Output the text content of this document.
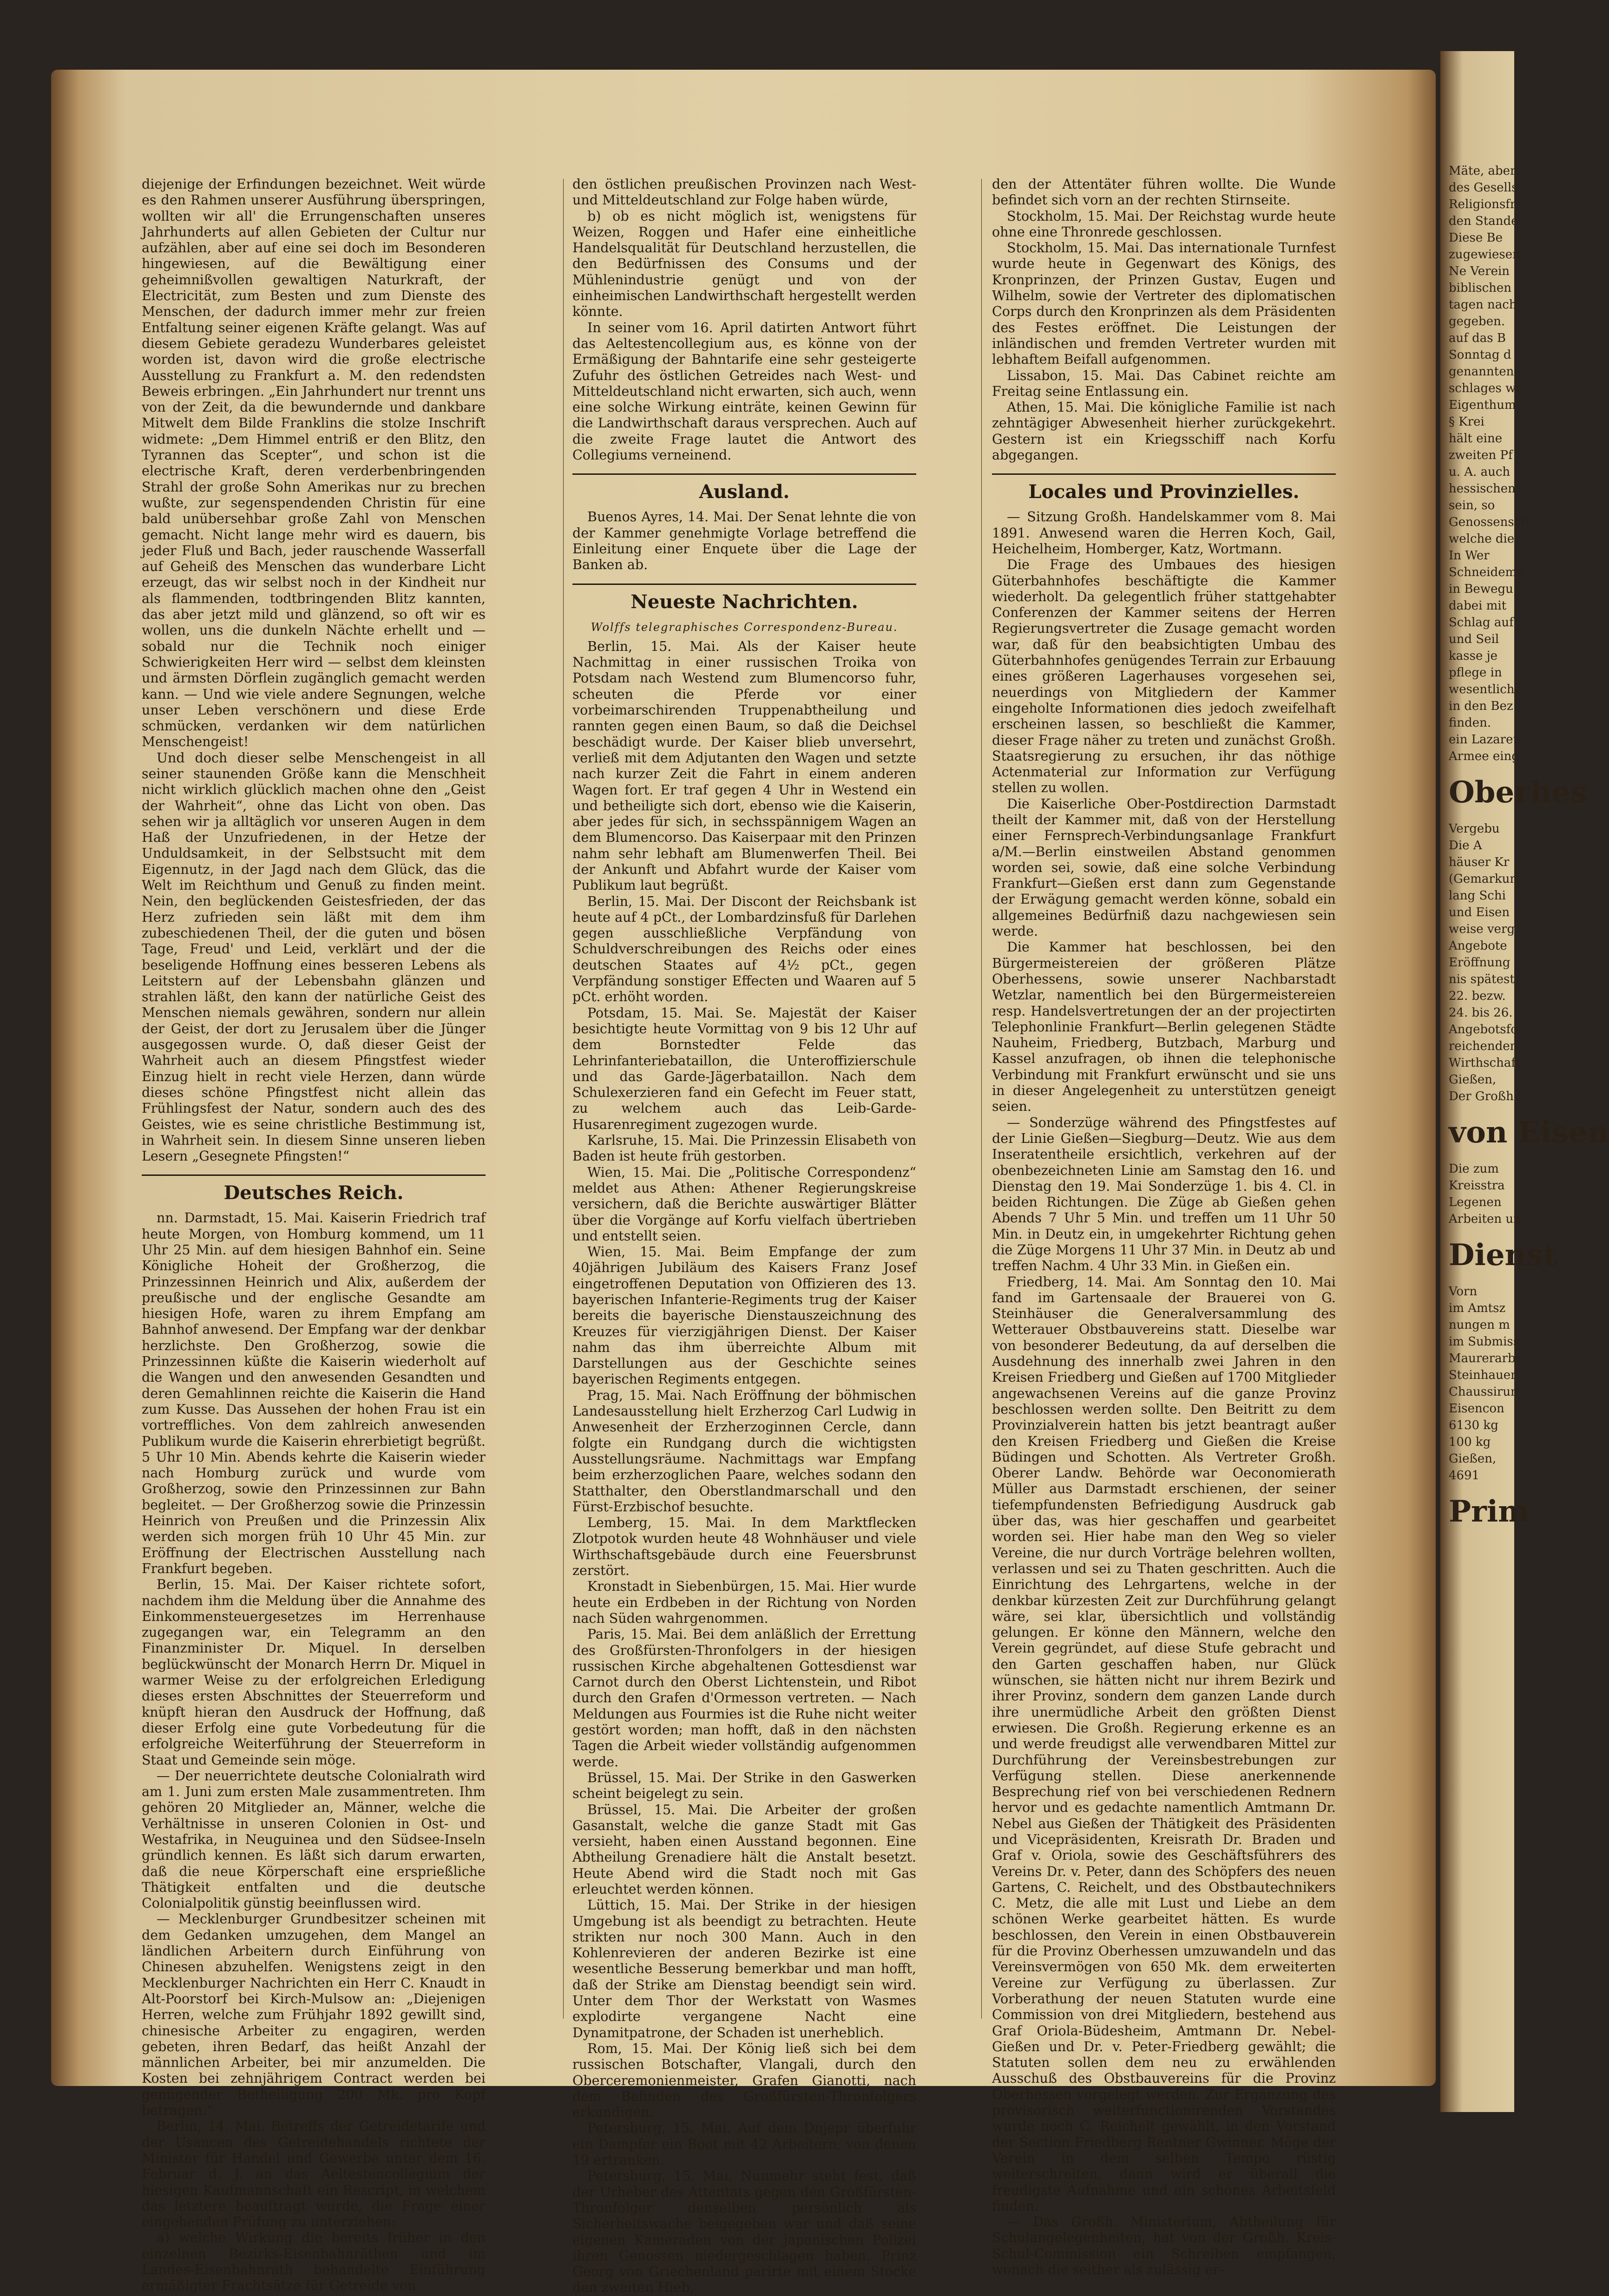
Mäte, aber
des Gesells
Religionsfr
den Stande
Diese Be
zugewiesen
Ne Verein
biblischen
tagen nach
gegeben.
auf das B
Sonntag d
genannten
schlages wi
Eigenthum
§ Krei
hält eine
zweiten Pf
u. A. auch
hessischen
sein, so
Genossensch
welche die
In Wer
Schneidema
in Bewegu
dabei mit
Schlag auf
und Seil
kasse je
pflege in
wesentliche
in den Bez
finden.
ein Lazaret
Armee eing
Oberhes
Vergebu
Die A
häuser Kr
(Gemarkun
lang Schi
und Eisen
weise verg
Angebote
Eröffnung
nis spätest
22. bezw.
24. bis 26.
Angebotsfo
reichenden
Wirthschaft
Gießen,
Der Großh
von Eisen
Die zum
Kreisstra
Legenen
Arbeiten un
Dienst
Vorn
im Amtsz
nungen m
im Submiss
Maurerarbe
Steinhauer
Chaussirun
Eisencon
6130 kg
100 kg
Gießen,
4691
Prim

diejenige der Erfindungen bezeichnet. Weit würde es den Rahmen unserer Ausführung überspringen, wollten wir all' die Errungenschaften unseres Jahrhunderts auf allen Gebieten der Cultur nur aufzählen, aber auf eine sei doch im Besonderen hingewiesen, auf die Bewältigung einer geheimnißvollen gewaltigen Naturkraft, der Electricität, zum Besten und zum Dienste des Menschen, der dadurch immer mehr zur freien Entfaltung seiner eigenen Kräfte gelangt. Was auf diesem Gebiete geradezu Wunderbares geleistet worden ist, davon wird die große electrische Ausstellung zu Frankfurt a. M. den redendsten Beweis erbringen. „Ein Jahrhundert nur trennt uns von der Zeit, da die bewundernde und dankbare Mitwelt dem Bilde Franklins die stolze Inschrift widmete: „Dem Himmel entriß er den Blitz, den Tyrannen das Scepter“, und schon ist die electrische Kraft, deren verderbenbringenden Strahl der große Sohn Amerikas nur zu brechen wußte, zur segenspendenden Christin für eine bald unübersehbar große Zahl von Menschen gemacht. Nicht lange mehr wird es dauern, bis jeder Fluß und Bach, jeder rauschende Wasserfall auf Geheiß des Menschen das wunderbare Licht erzeugt, das wir selbst noch in der Kindheit nur als flammenden, todtbringenden Blitz kannten, das aber jetzt mild und glänzend, so oft wir es wollen, uns die dunkeln Nächte erhellt und — sobald nur die Technik noch einiger Schwierigkeiten Herr wird — selbst dem kleinsten und ärmsten Dörflein zugänglich gemacht werden kann. — Und wie viele andere Segnungen, welche unser Leben verschönern und diese Erde schmücken, verdanken wir dem natürlichen Menschengeist!

Und doch dieser selbe Menschengeist in all seiner staunenden Größe kann die Menschheit nicht wirklich glücklich machen ohne den „Geist der Wahrheit“, ohne das Licht von oben. Das sehen wir ja alltäglich vor unseren Augen in dem Haß der Unzufriedenen, in der Hetze der Unduldsamkeit, in der Selbstsucht mit dem Eigennutz, in der Jagd nach dem Glück, das die Welt im Reichthum und Genuß zu finden meint. Nein, den beglückenden Geistesfrieden, der das Herz zufrieden sein läßt mit dem ihm zubeschiedenen Theil, der die guten und bösen Tage, Freud' und Leid, verklärt und der die beseligende Hoffnung eines besseren Lebens als Leitstern auf der Lebensbahn glänzen und strahlen läßt, den kann der natürliche Geist des Menschen niemals gewähren, sondern nur allein der Geist, der dort zu Jerusalem über die Jünger ausgegossen wurde. O, daß dieser Geist der Wahrheit auch an diesem Pfingstfest wieder Einzug hielt in recht viele Herzen, dann würde dieses schöne Pfingstfest nicht allein das Frühlingsfest der Natur, sondern auch des des Geistes, wie es seine christliche Bestimmung ist, in Wahrheit sein. In diesem Sinne unseren lieben Lesern „Gesegnete Pfingsten!“

Deutsches Reich.

nn. Darmstadt, 15. Mai. Kaiserin Friedrich traf heute Morgen, von Homburg kommend, um 11 Uhr 25 Min. auf dem hiesigen Bahnhof ein. Seine Königliche Hoheit der Großherzog, die Prinzessinnen Heinrich und Alix, außerdem der preußische und der englische Gesandte am hiesigen Hofe, waren zu ihrem Empfang am Bahnhof anwesend. Der Empfang war der denkbar herzlichste. Den Großherzog, sowie die Prinzessinnen küßte die Kaiserin wiederholt auf die Wangen und den anwesenden Gesandten und deren Gemahlinnen reichte die Kaiserin die Hand zum Kusse. Das Aussehen der hohen Frau ist ein vortreffliches. Von dem zahlreich anwesenden Publikum wurde die Kaiserin ehrerbietigt begrüßt. 5 Uhr 10 Min. Abends kehrte die Kaiserin wieder nach Homburg zurück und wurde vom Großherzog, sowie den Prinzessinnen zur Bahn begleitet. — Der Großherzog sowie die Prinzessin Heinrich von Preußen und die Prinzessin Alix werden sich morgen früh 10 Uhr 45 Min. zur Eröffnung der Electrischen Ausstellung nach Frankfurt begeben.

Berlin, 15. Mai. Der Kaiser richtete sofort, nachdem ihm die Meldung über die Annahme des Einkommensteuergesetzes im Herrenhause zugegangen war, ein Telegramm an den Finanzminister Dr. Miquel. In derselben beglückwünscht der Monarch Herrn Dr. Miquel in warmer Weise zu der erfolgreichen Erledigung dieses ersten Abschnittes der Steuerreform und knüpft hieran den Ausdruck der Hoffnung, daß dieser Erfolg eine gute Vorbedeutung für die erfolgreiche Weiterführung der Steuerreform in Staat und Gemeinde sein möge.

— Der neuerrichtete deutsche Colonialrath wird am 1. Juni zum ersten Male zusammentreten. Ihm gehören 20 Mitglieder an, Männer, welche die Verhältnisse in unseren Colonien in Ost- und Westafrika, in Neuguinea und den Südsee-Inseln gründlich kennen. Es läßt sich darum erwarten, daß die neue Körperschaft eine ersprießliche Thätigkeit entfalten und die deutsche Colonialpolitik günstig beeinflussen wird.

— Mecklenburger Grundbesitzer scheinen mit dem Gedanken umzugehen, dem Mangel an ländlichen Arbeitern durch Einführung von Chinesen abzuhelfen. Wenigstens zeigt in den Mecklenburger Nachrichten ein Herr C. Knaudt in Alt-Poorstorf bei Kirch-Mulsow an: „Diejenigen Herren, welche zum Frühjahr 1892 gewillt sind, chinesische Arbeiter zu engagiren, werden gebeten, ihren Bedarf, das heißt Anzahl der männlichen Arbeiter, bei mir anzumelden. Die Kosten bei zehnjährigem Contract werden bei genügender Betheiligung 200 Mk. pro Kopf betragen.“

Berlin, 14. Mai. Betreffs der Getreidetarife und der Usancen des Getreidehandels richtete der Minister für Handel und Gewerbe unter dem 16. Februar d. J. an das Aeltestencollegium der hiesigen Kaufmannschaft ein Rescript, in welchem das letztere beauftragt wurde, die Frage einer eingehenden Prüfung zu unterziehen:

a) welche Wirkung die bereits früher in den einzelnen Bezirks-Eisenbahnräthen und im Landes-Eisenbahnrath behandelte Einführung ermäßigter Frachtsätze für Getreide von

den östlichen preußischen Provinzen nach West- und Mitteldeutschland zur Folge haben würde,

b) ob es nicht möglich ist, wenigstens für Weizen, Roggen und Hafer eine einheitliche Handelsqualität für Deutschland herzustellen, die den Bedürfnissen des Consums und der Mühlenindustrie genügt und von der einheimischen Landwirthschaft hergestellt werden könnte.

In seiner vom 16. April datirten Antwort führt das Aeltestencollegium aus, es könne von der Ermäßigung der Bahntarife eine sehr gesteigerte Zufuhr des östlichen Getreides nach West- und Mitteldeutschland nicht erwarten, sich auch, wenn eine solche Wirkung einträte, keinen Gewinn für die Landwirthschaft daraus versprechen. Auch auf die zweite Frage lautet die Antwort des Collegiums verneinend.

Ausland.

Buenos Ayres, 14. Mai. Der Senat lehnte die von der Kammer genehmigte Vorlage betreffend die Einleitung einer Enquete über die Lage der Banken ab.

Neueste Nachrichten.
Wolffs telegraphisches Correspondenz-Bureau.

Berlin, 15. Mai. Als der Kaiser heute Nachmittag in einer russischen Troika von Potsdam nach Westend zum Blumencorso fuhr, scheuten die Pferde vor einer vorbeimarschirenden Truppenabtheilung und rannten gegen einen Baum, so daß die Deichsel beschädigt wurde. Der Kaiser blieb unversehrt, verließ mit dem Adjutanten den Wagen und setzte nach kurzer Zeit die Fahrt in einem anderen Wagen fort. Er traf gegen 4 Uhr in Westend ein und betheiligte sich dort, ebenso wie die Kaiserin, aber jedes für sich, in sechsspännigem Wagen an dem Blumencorso. Das Kaiserpaar mit den Prinzen nahm sehr lebhaft am Blumenwerfen Theil. Bei der Ankunft und Abfahrt wurde der Kaiser vom Publikum laut begrüßt.

Berlin, 15. Mai. Der Discont der Reichsbank ist heute auf 4 pCt., der Lombardzinsfuß für Darlehen gegen ausschließliche Verpfändung von Schuldverschreibungen des Reichs oder eines deutschen Staates auf 4½ pCt., gegen Verpfändung sonstiger Effecten und Waaren auf 5 pCt. erhöht worden.

Potsdam, 15. Mai. Se. Majestät der Kaiser besichtigte heute Vormittag von 9 bis 12 Uhr auf dem Bornstedter Felde das Lehrinfanteriebataillon, die Unteroffizierschule und das Garde-Jägerbataillon. Nach dem Schulexerzieren fand ein Gefecht im Feuer statt, zu welchem auch das Leib-Garde-Husarenregiment zugezogen wurde.

Karlsruhe, 15. Mai. Die Prinzessin Elisabeth von Baden ist heute früh gestorben.

Wien, 15. Mai. Die „Politische Correspondenz“ meldet aus Athen: Athener Regierungskreise versichern, daß die Berichte auswärtiger Blätter über die Vorgänge auf Korfu vielfach übertrieben und entstellt seien.

Wien, 15. Mai. Beim Empfange der zum 40jährigen Jubiläum des Kaisers Franz Josef eingetroffenen Deputation von Offizieren des 13. bayerischen Infanterie-Regiments trug der Kaiser bereits die bayerische Dienstauszeichnung des Kreuzes für vierzigjährigen Dienst. Der Kaiser nahm das ihm überreichte Album mit Darstellungen aus der Geschichte seines bayerischen Regiments entgegen.

Prag, 15. Mai. Nach Eröffnung der böhmischen Landesausstellung hielt Erzherzog Carl Ludwig in Anwesenheit der Erzherzoginnen Cercle, dann folgte ein Rundgang durch die wichtigsten Ausstellungsräume. Nachmittags war Empfang beim erzherzoglichen Paare, welches sodann den Statthalter, den Oberstlandmarschall und den Fürst-Erzbischof besuchte.

Lemberg, 15. Mai. In dem Marktflecken Zlotpotok wurden heute 48 Wohnhäuser und viele Wirthschaftsgebäude durch eine Feuersbrunst zerstört.

Kronstadt in Siebenbürgen, 15. Mai. Hier wurde heute ein Erdbeben in der Richtung von Norden nach Süden wahrgenommen.

Paris, 15. Mai. Bei dem anläßlich der Errettung des Großfürsten-Thronfolgers in der hiesigen russischen Kirche abgehaltenen Gottesdienst war Carnot durch den Oberst Lichtenstein, und Ribot durch den Grafen d'Ormesson vertreten. — Nach Meldungen aus Fourmies ist die Ruhe nicht weiter gestört worden; man hofft, daß in den nächsten Tagen die Arbeit wieder vollständig aufgenommen werde.

Brüssel, 15. Mai. Der Strike in den Gaswerken scheint beigelegt zu sein.

Brüssel, 15. Mai. Die Arbeiter der großen Gasanstalt, welche die ganze Stadt mit Gas versieht, haben einen Ausstand begonnen. Eine Abtheilung Grenadiere hält die Anstalt besetzt. Heute Abend wird die Stadt noch mit Gas erleuchtet werden können.

Lüttich, 15. Mai. Der Strike in der hiesigen Umgebung ist als beendigt zu betrachten. Heute strikten nur noch 300 Mann. Auch in den Kohlenrevieren der anderen Bezirke ist eine wesentliche Besserung bemerkbar und man hofft, daß der Strike am Dienstag beendigt sein wird. Unter dem Thor der Werkstatt von Wasmes explodirte vergangene Nacht eine Dynamitpatrone, der Schaden ist unerheblich.

Rom, 15. Mai. Der König ließ sich bei dem russischen Botschafter, Vlangali, durch den Oberceremonienmeister, Grafen Gianotti, nach dem Befinden des Großfürsten-Thronfolgers erkundigen.

Petersburg, 15. Mai. Auf dem Dnjepr überfuhr ein Dampfer ein Boot mit 42 Arbeitern, von denen 19 ertranken.

Petersburg, 15. Mai. Nunmehr steht fest, daß der Urheber des Attentats gegen den Großfürsten-Thronfolger denselben persönlich als Sicherheitswache beigegeben war und daß seine eigenen Kameraden von der japanischen Polizei ihren Genossen niedergeschlagen haben. Prinz Georg von Griechenland parirte mit einem Stocke den zweiten Hieb,

den der Attentäter führen wollte. Die Wunde befindet sich vorn an der rechten Stirnseite.

Stockholm, 15. Mai. Der Reichstag wurde heute ohne eine Thronrede geschlossen.

Stockholm, 15. Mai. Das internationale Turnfest wurde heute in Gegenwart des Königs, des Kronprinzen, der Prinzen Gustav, Eugen und Wilhelm, sowie der Vertreter des diplomatischen Corps durch den Kronprinzen als dem Präsidenten des Festes eröffnet. Die Leistungen der inländischen und fremden Vertreter wurden mit lebhaftem Beifall aufgenommen.

Lissabon, 15. Mai. Das Cabinet reichte am Freitag seine Entlassung ein.

Athen, 15. Mai. Die königliche Familie ist nach zehntägiger Abwesenheit hierher zurückgekehrt. Gestern ist ein Kriegsschiff nach Korfu abgegangen.

Locales und Provinzielles.

— Sitzung Großh. Handelskammer vom 8. Mai 1891. Anwesend waren die Herren Koch, Gail, Heichelheim, Homberger, Katz, Wortmann.

Die Frage des Umbaues des hiesigen Güterbahnhofes beschäftigte die Kammer wiederholt. Da gelegentlich früher stattgehabter Conferenzen der Kammer seitens der Herren Regierungsvertreter die Zusage gemacht worden war, daß für den beabsichtigten Umbau des Güterbahnhofes genügendes Terrain zur Erbauung eines größeren Lagerhauses vorgesehen sei, neuerdings von Mitgliedern der Kammer eingeholte Informationen dies jedoch zweifelhaft erscheinen lassen, so beschließt die Kammer, dieser Frage näher zu treten und zunächst Großh. Staatsregierung zu ersuchen, ihr das nöthige Actenmaterial zur Information zur Verfügung stellen zu wollen.

Die Kaiserliche Ober-Postdirection Darmstadt theilt der Kammer mit, daß von der Herstellung einer Fernsprech-Verbindungsanlage Frankfurt a/M.—Berlin einstweilen Abstand genommen worden sei, sowie, daß eine solche Verbindung Frankfurt—Gießen erst dann zum Gegenstande der Erwägung gemacht werden könne, sobald ein allgemeines Bedürfniß dazu nachgewiesen sein werde.

Die Kammer hat beschlossen, bei den Bürgermeistereien der größeren Plätze Oberhessens, sowie unserer Nachbarstadt Wetzlar, namentlich bei den Bürgermeistereien resp. Handelsvertretungen der an der projectirten Telephonlinie Frankfurt—Berlin gelegenen Städte Nauheim, Friedberg, Butzbach, Marburg und Kassel anzufragen, ob ihnen die telephonische Verbindung mit Frankfurt erwünscht und sie uns in dieser Angelegenheit zu unterstützen geneigt seien.

— Sonderzüge während des Pfingstfestes auf der Linie Gießen—Siegburg—Deutz. Wie aus dem Inseratentheile ersichtlich, verkehren auf der obenbezeichneten Linie am Samstag den 16. und Dienstag den 19. Mai Sonderzüge 1. bis 4. Cl. in beiden Richtungen. Die Züge ab Gießen gehen Abends 7 Uhr 5 Min. und treffen um 11 Uhr 50 Min. in Deutz ein, in umgekehrter Richtung gehen die Züge Morgens 11 Uhr 37 Min. in Deutz ab und treffen Nachm. 4 Uhr 33 Min. in Gießen ein.

Friedberg, 14. Mai. Am Sonntag den 10. Mai fand im Gartensaale der Brauerei von G. Steinhäuser die Generalversammlung des Wetterauer Obstbauvereins statt. Dieselbe war von besonderer Bedeutung, da auf derselben die Ausdehnung des innerhalb zwei Jahren in den Kreisen Friedberg und Gießen auf 1700 Mitglieder angewachsenen Vereins auf die ganze Provinz beschlossen werden sollte. Den Beitritt zu dem Provinzialverein hatten bis jetzt beantragt außer den Kreisen Friedberg und Gießen die Kreise Büdingen und Schotten. Als Vertreter Großh. Oberer Landw. Behörde war Oeconomierath Müller aus Darmstadt erschienen, der seiner tiefempfundensten Befriedigung Ausdruck gab über das, was hier geschaffen und gearbeitet worden sei. Hier habe man den Weg so vieler Vereine, die nur durch Vorträge belehren wollten, verlassen und sei zu Thaten geschritten. Auch die Einrichtung des Lehrgartens, welche in der denkbar kürzesten Zeit zur Durchführung gelangt wäre, sei klar, übersichtlich und vollständig gelungen. Er könne den Männern, welche den Verein gegründet, auf diese Stufe gebracht und den Garten geschaffen haben, nur Glück wünschen, sie hätten nicht nur ihrem Bezirk und ihrer Provinz, sondern dem ganzen Lande durch ihre unermüdliche Arbeit den größten Dienst erwiesen. Die Großh. Regierung erkenne es an und werde freudigst alle verwendbaren Mittel zur Durchführung der Vereinsbestrebungen zur Verfügung stellen. Diese anerkennende Besprechung rief von bei verschiedenen Rednern hervor und es gedachte namentlich Amtmann Dr. Nebel aus Gießen der Thätigkeit des Präsidenten und Vicepräsidenten, Kreisrath Dr. Braden und Graf v. Oriola, sowie des Geschäftsführers des Vereins Dr. v. Peter, dann des Schöpfers des neuen Gartens, C. Reichelt, und des Obstbautechnikers C. Metz, die alle mit Lust und Liebe an dem schönen Werke gearbeitet hätten. Es wurde beschlossen, den Verein in einen Obstbauverein für die Provinz Oberhessen umzuwandeln und das Vereinsvermögen von 650 Mk. dem erweiterten Vereine zur Verfügung zu überlassen. Zur Vorberathung der neuen Statuten wurde eine Commission von drei Mitgliedern, bestehend aus Graf Oriola-Büdesheim, Amtmann Dr. Nebel-Gießen und Dr. v. Peter-Friedberg gewählt; die Statuten sollen dem neu zu erwählenden Ausschuß des Obstbauvereins für die Provinz Oberhessen vorgelegt werden. Zur Ergänzung des provisorisch weiterfunctionirenden Vorstandes wurde noch C. Reichelt gewählt, in den Vorstand der Section Friedberg Rentner Gwinner. Möge der Verein in dem selben Tempo rüstig weiterschreiten, dann wird er überall die freudigste Aufnahme und ein schönes Arbeitsfeld finden.

— Das Großh. Ministerium, Abtheilung für Schulangelegenheiten, hat von der Großh. Kreis-Schul-Commission ein Schreiben empfangen, wonach die seither als zulässig er-
